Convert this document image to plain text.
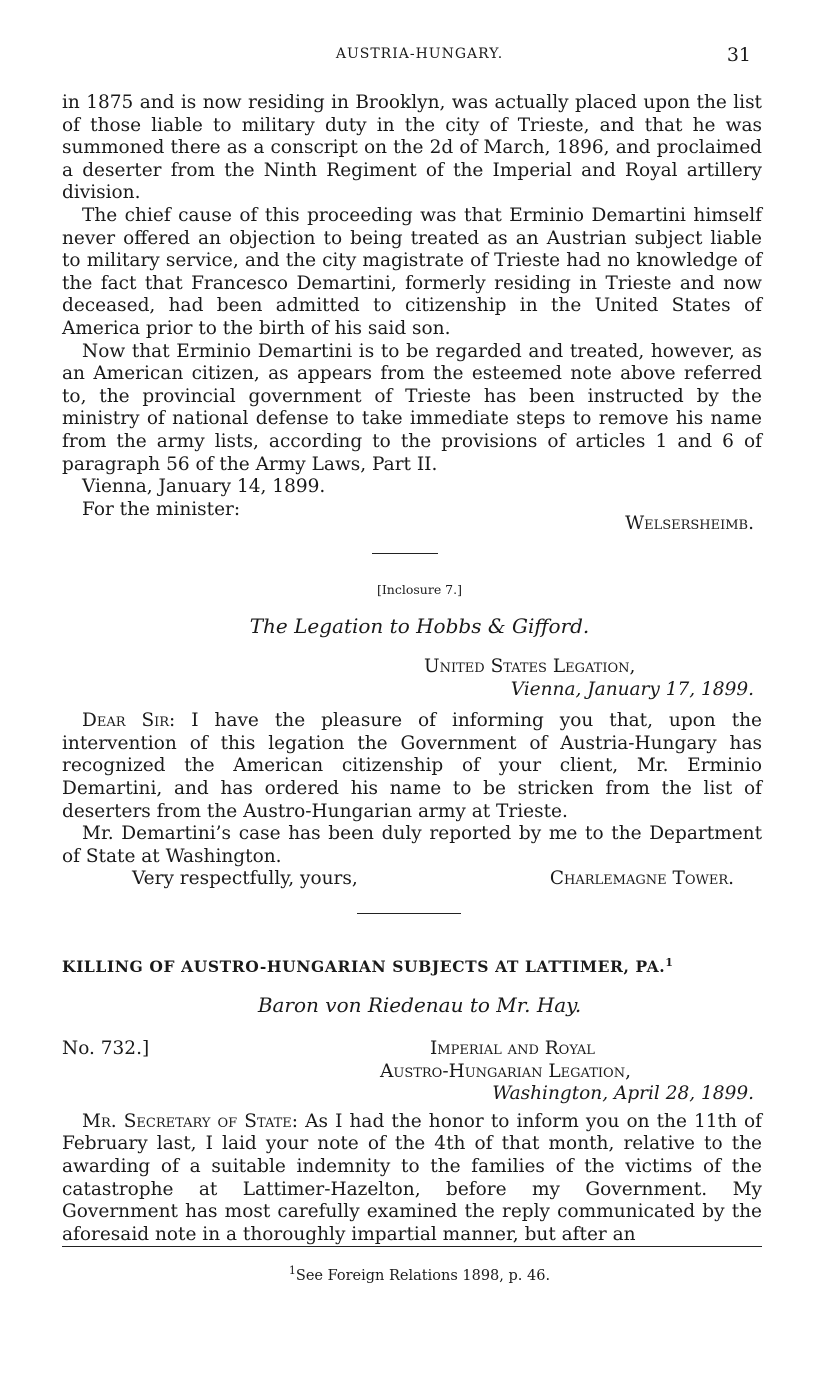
AUSTRIA-HUNGARY.	31

in 1875 and is now residing in Brooklyn, was actually placed upon the list of those liable to military duty in the city of Trieste, and that he was summoned there as a conscript on the 2d of March, 1896, and proclaimed a deserter from the Ninth Regiment of the Imperial and Royal artillery division.

The chief cause of this proceeding was that Erminio Demartini himself never offered an objection to being treated as an Austrian subject liable to military service, and the city magistrate of Trieste had no knowledge of the fact that Francesco Demartini, formerly residing in Trieste and now deceased, had been admitted to citizenship in the United States of America prior to the birth of his said son.

Now that Erminio Demartini is to be regarded and treated, however, as an American citizen, as appears from the esteemed note above referred to, the provincial government of Trieste has been instructed by the ministry of national defense to take immediate steps to remove his name from the army lists, according to the provisions of articles 1 and 6 of paragraph 56 of the Army Laws, Part II.

Vienna, January 14, 1899.

For the minister:

Welsersheimb.

[Inclosure 7.]
The Legation to Hobbs & Gifford.

United States Legation,

Vienna, January 17, 1899.

Dear Sir: I have the pleasure of informing you that, upon the intervention of this legation the Government of Austria-Hungary has recognized the American citizenship of your client, Mr. Erminio Demartini, and has ordered his name to be stricken from the list of deserters from the Austro-Hungarian army at Trieste.

Mr. Demartini’s case has been duly reported by me to the Department of State at Washington.

Very respectfully, yours,	Charlemagne Tower.

KILLING OF AUSTRO-HUNGARIAN SUBJECTS AT LATTIMER, PA.$^1$
Baron von Riedenau to Mr. Hay.

No. 732.]	Imperial and Royal

Austro-Hungarian Legation,

Washington, April 28, 1899.

Mr. Secretary of State: As I had the honor to inform you on the 11th of February last, I laid your note of the 4th of that month, relative to the awarding of a suitable indemnity to the families of the victims of the catastrophe at Lattimer-Hazelton, before my Government. My Government has most carefully examined the reply communicated by the aforesaid note in a thoroughly impartial manner, but after an

$^1$See Foreign Relations 1898, p. 46.
